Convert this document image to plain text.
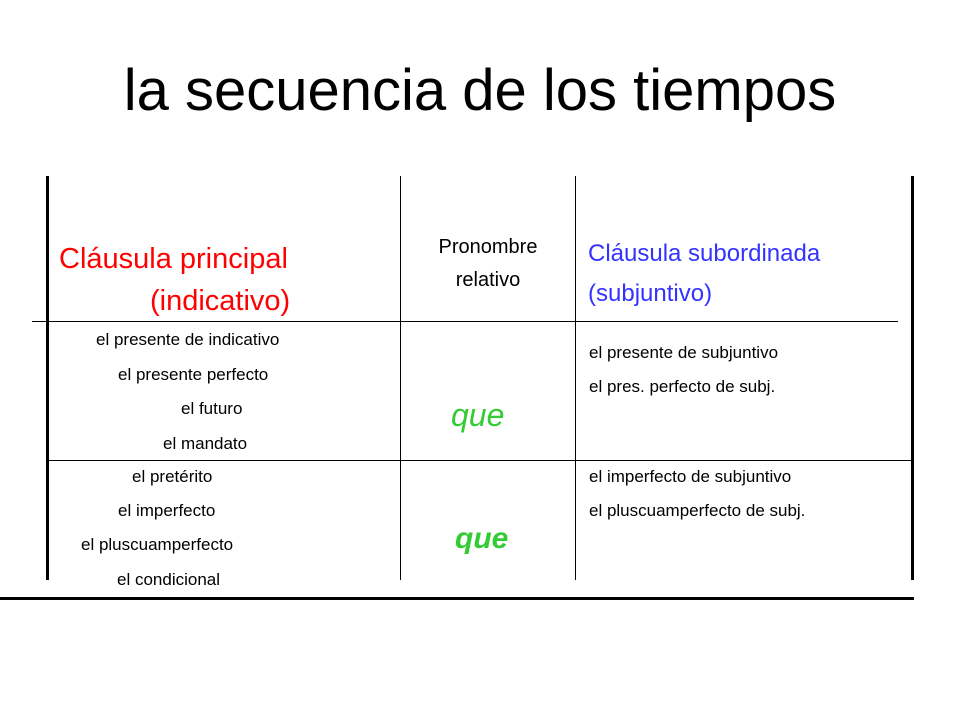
la secuencia de los tiempos
Cláusula principal
(indicativo)
Pronombre
relativo
Cláusula subordinada
(subjuntivo)
el presente de indicativo
el presente perfecto
el futuro
el mandato
que
el presente de subjuntivo
el pres. perfecto de subj.
el pretérito
el imperfecto
el pluscuamperfecto
el condicional
que
el imperfecto de subjuntivo
el pluscuamperfecto de subj.
